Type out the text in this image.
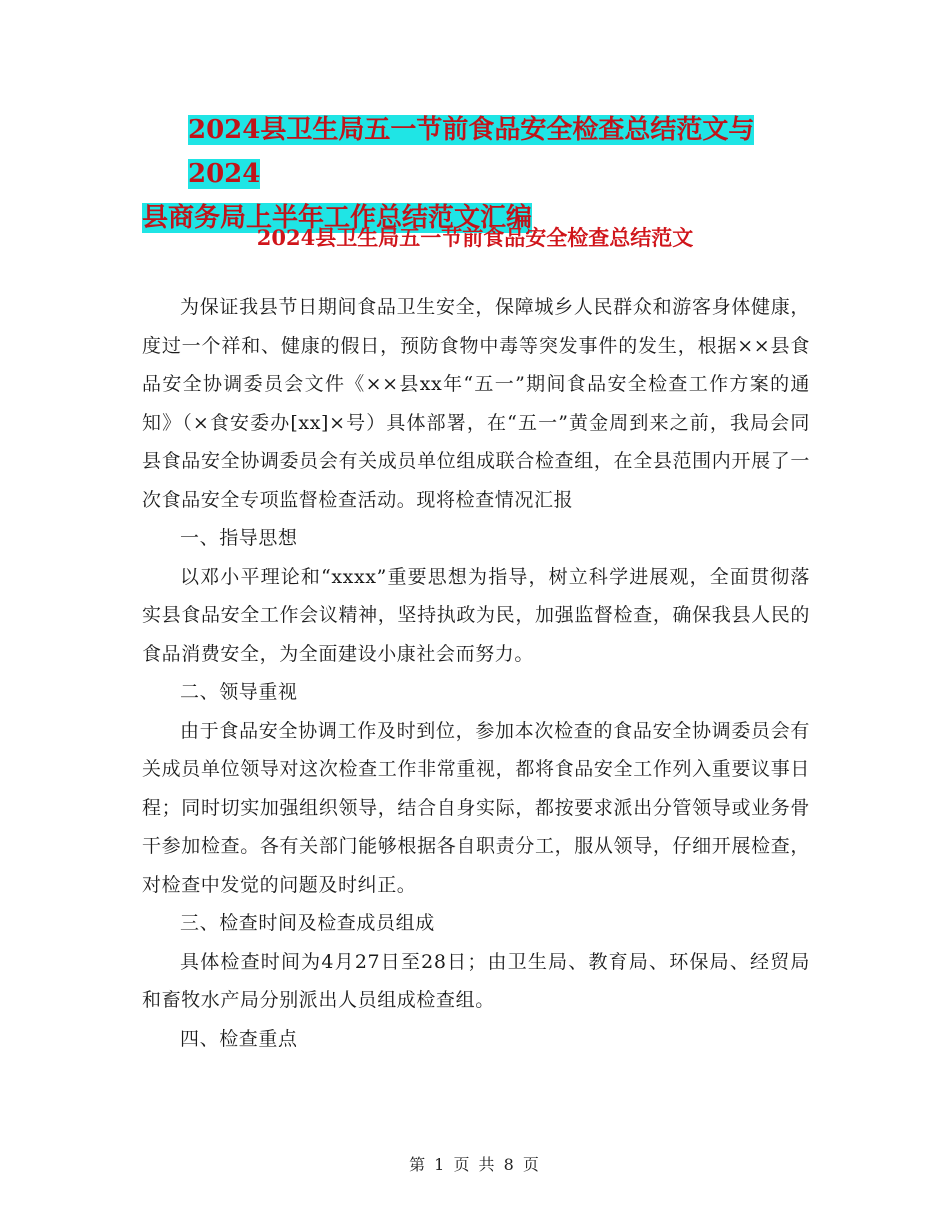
2024县卫生局五一节前食品安全检查总结范文与2024
县商务局上半年工作总结范文汇编
2024县卫生局五一节前食品安全检查总结范文

为保证我县节日期间食品卫生安全，保障城乡人民群众和游客身体健康，度过一个祥和、健康的假日，预防食物中毒等突发事件的发生，根据××县食品安全协调委员会文件《××县xx年“五一”期间食品安全检查工作方案的通知》（×食安委办[xx]×号）具体部署，在“五一”黄金周到来之前，我局会同县食品安全协调委员会有关成员单位组成联合检查组，在全县范围内开展了一次食品安全专项监督检查活动。现将检查情况汇报

一、指导思想

以邓小平理论和“xxxx”重要思想为指导，树立科学进展观，全面贯彻落实县食品安全工作会议精神，坚持执政为民，加强监督检查，确保我县人民的食品消费安全，为全面建设小康社会而努力。

二、领导重视

由于食品安全协调工作及时到位，参加本次检查的食品安全协调委员会有关成员单位领导对这次检查工作非常重视，都将食品安全工作列入重要议事日程；同时切实加强组织领导，结合自身实际，都按要求派出分管领导或业务骨干参加检查。各有关部门能够根据各自职责分工，服从领导，仔细开展检查，对检查中发觉的问题及时纠正。

三、检查时间及检查成员组成

具体检查时间为4月27日至28日；由卫生局、教育局、环保局、经贸局和畜牧水产局分别派出人员组成检查组。

四、检查重点

第 1 页 共 8 页
